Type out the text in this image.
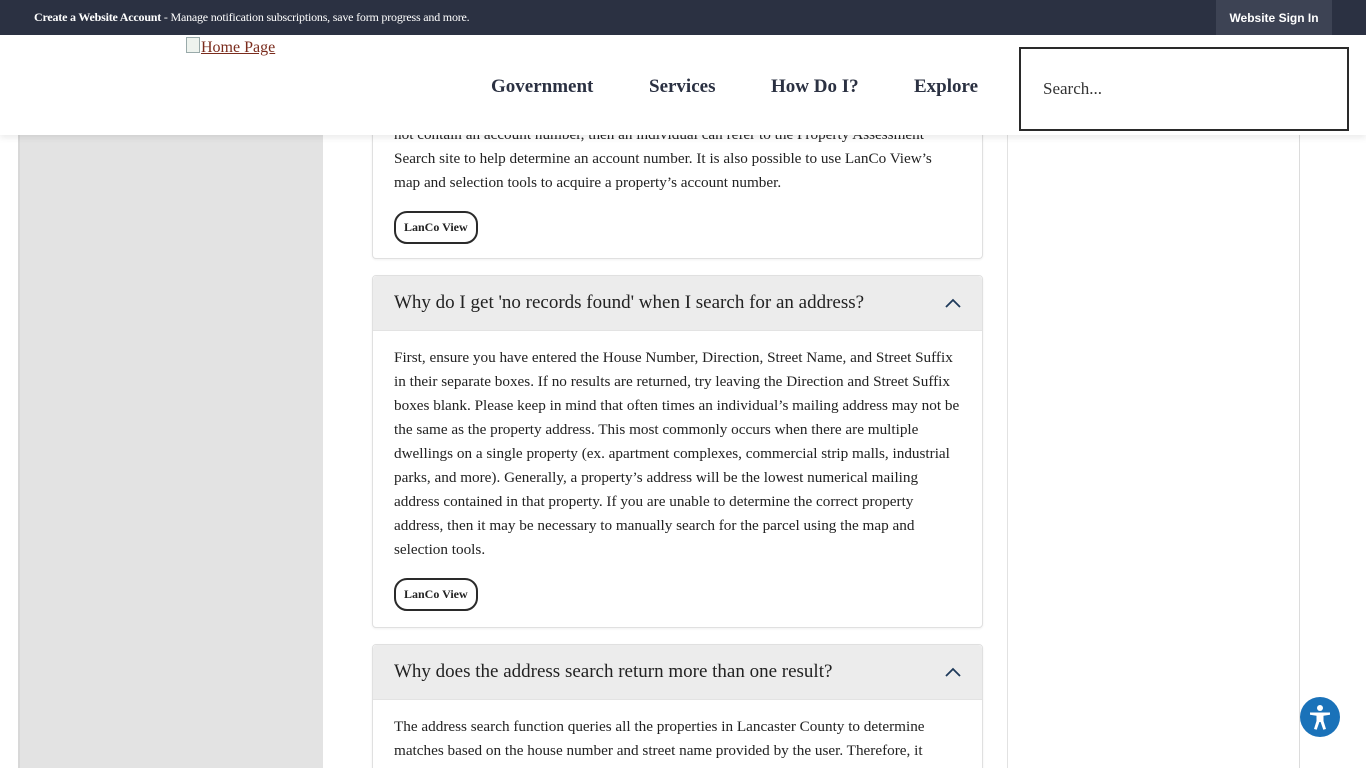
Create a Website Account - Manage notification subscriptions, save form progress and more.	Website Sign In
Home Page
Government	Services	How Do I?	Explore
Search...
Search site to help determine an account number. It is also possible to use LanCo View’s
map and selection tools to acquire a property’s account number.
LanCo View
Why do I get 'no records found' when I search for an address?
First, ensure you have entered the House Number, Direction, Street Name, and Street Suffix in their separate boxes. If no results are returned, try leaving the Direction and Street Suffix boxes blank. Please keep in mind that often times an individual’s mailing address may not be the same as the property address. This most commonly occurs when there are multiple dwellings on a single property (ex. apartment complexes, commercial strip malls, industrial parks, and more). Generally, a property’s address will be the lowest numerical mailing address contained in that property. If you are unable to determine the correct property address, then it may be necessary to manually search for the parcel using the map and selection tools.
LanCo View
Why does the address search return more than one result?
The address search function queries all the properties in Lancaster County to determine matches based on the house number and street name provided by the user. Therefore, it
